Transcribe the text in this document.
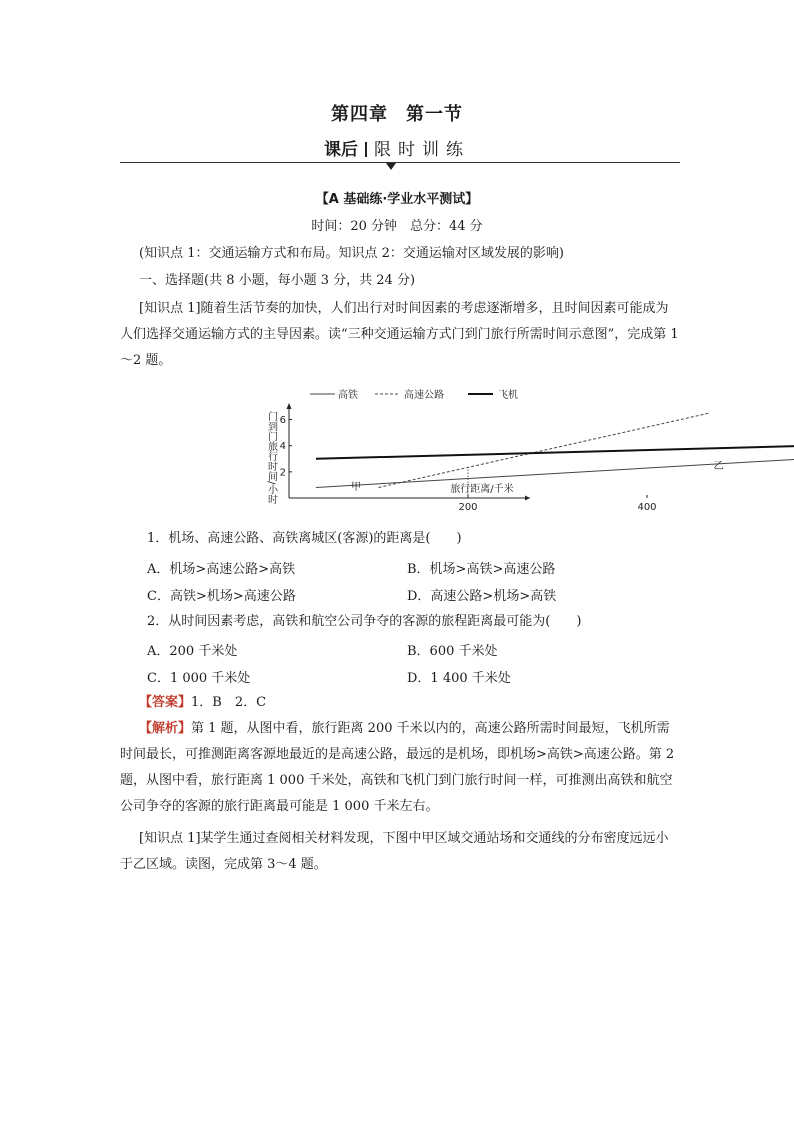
第四章 第一节
课后 限时训练
【A 基础练·学业水平测试】
时间：20 分钟　总分：44 分
(知识点 1：交通运输方式和布局。知识点 2：交通运输对区域发展的影响)
一、选择题(共 8 小题，每小题 3 分，共 24 分)
[知识点 1]随着生活节奏的加快，人们出行对时间因素的考虑逐渐增多，且时间因素可能成为人们选择交通运输方式的主导因素。读“三种交通运输方式门到门旅行所需时间示意图”，完成第 1～2 题。
高铁	高速公路	飞机
200	400
2
4
6
门到门旅行时间/小时	旅行距离/千米
甲
乙
1．机场、高速公路、高铁离城区(客源)的距离是(　　)
A．机场>高速公路>高铁	B．机场>高铁>高速公路
C．高铁>机场>高速公路	D．高速公路>机场>高铁
2．从时间因素考虑，高铁和航空公司争夺的客源的旅程距离最可能为(　　)
A．200 千米处	B．600 千米处
C．1 000 千米处	D．1 400 千米处
【答案】1．B　2．C
【解析】第 1 题，从图中看，旅行距离 200 千米以内的，高速公路所需时间最短，飞机所需时间最长，可推测距离客源地最近的是高速公路，最远的是机场，即机场>高铁>高速公路。第 2 题，从图中看，旅行距离 1 000 千米处，高铁和飞机门到门旅行时间一样，可推测出高铁和航空公司争夺的客源的旅行距离最可能是 1 000 千米左右。
[知识点 1]某学生通过查阅相关材料发现，下图中甲区域交通站场和交通线的分布密度远远小于乙区域。读图，完成第 3～4 题。
